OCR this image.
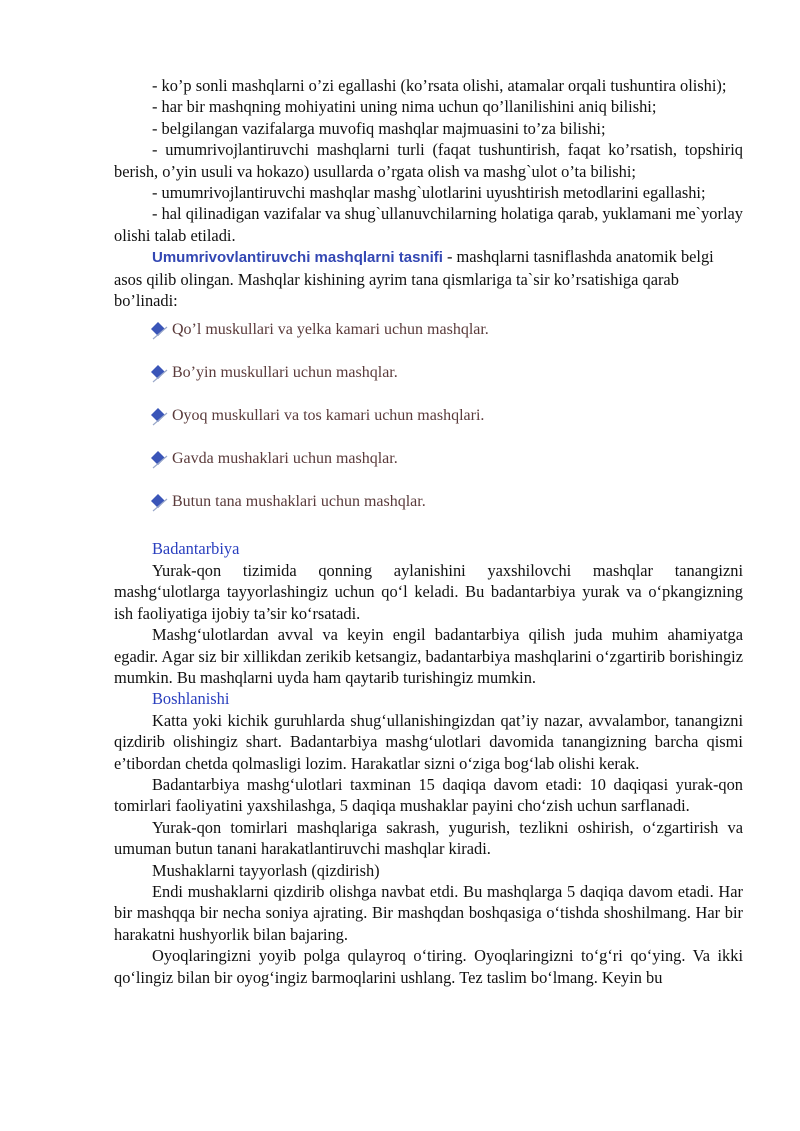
- ko’p sonli mashqlarni o’zi egallashi (ko’rsata olishi, atamalar orqali tushuntira olishi);

- har bir mashqning mohiyatini uning nima uchun qo’llanilishini aniq bilishi;

- belgilangan vazifalarga muvofiq mashqlar majmuasini to’za bilishi;

- umumrivojlantiruvchi mashqlarni turli (faqat tushuntirish, faqat ko’rsatish, topshiriq berish, o’yin usuli va hokazo) usullarda o’rgata olish va mashg`ulot o’ta bilishi;

- umumrivojlantiruvchi mashqlar mashg`ulotlarini uyushtirish metodlarini egallashi;

- hal qilinadigan vazifalar va shug`ullanuvchilarning holatiga qarab, yuklamani me`yorlay olishi talab etiladi.

Umumrivovlantiruvchi mashqlarni tasnifi - mashqlarni tasniflashda anatomik belgi asos qilib olingan. Mashqlar kishining ayrim tana qismlariga ta`sir ko’rsatishiga qarab bo’linadi:

Qo’l muskullari va yelka kamari uchun mashqlar.
Bo’yin muskullari uchun mashqlar.
Oyoq muskullari va tos kamari uchun mashqlari.
Gavda mushaklari uchun mashqlar.
Butun tana mushaklari uchun mashqlar.

Badantarbiya

Yurak-qon tizimida qonning aylanishini yaxshilovchi mashqlar tanangizni mashg‘ulotlarga tayyorlashingiz uchun qo‘l keladi. Bu badantarbiya yurak va o‘pkangizning ish faoliyatiga ijobiy ta’sir ko‘rsatadi.

Mashg‘ulotlardan avval va keyin engil badantarbiya qilish juda muhim ahamiyatga egadir. Agar siz bir xillikdan zerikib ketsangiz, badantarbiya mashqlarini o‘zgartirib borishingiz mumkin. Bu mashqlarni uyda ham qaytarib turishingiz mumkin.

Boshlanishi

Katta yoki kichik guruhlarda shug‘ullanishingizdan qat’iy nazar, avvalambor, tanangizni qizdirib olishingiz shart. Badantarbiya mashg‘ulotlari davomida tanangizning barcha qismi e’tibordan chetda qolmasligi lozim. Harakatlar sizni o‘ziga bog‘lab olishi kerak.

Badantarbiya mashg‘ulotlari taxminan 15 daqiqa davom etadi: 10 daqiqasi yurak-qon tomirlari faoliyatini yaxshilashga, 5 daqiqa mushaklar payini cho‘zish uchun sarflanadi.

Yurak-qon tomirlari mashqlariga sakrash, yugurish, tezlikni oshirish, o‘zgartirish va umuman butun tanani harakatlantiruvchi mashqlar kiradi.

Mushaklarni tayyorlash (qizdirish)

Endi mushaklarni qizdirib olishga navbat etdi. Bu mashqlarga 5 daqiqa davom etadi. Har bir mashqqa bir necha soniya ajrating. Bir mashqdan boshqasiga o‘tishda shoshilmang. Har bir harakatni hushyorlik bilan bajaring.

Oyoqlaringizni yoyib polga qulayroq o‘tiring. Oyoqlaringizni to‘g‘ri qo‘ying. Va ikki qo‘lingiz bilan bir oyog‘ingiz barmoqlarini ushlang. Tez taslim bo‘lmang. Keyin bu
